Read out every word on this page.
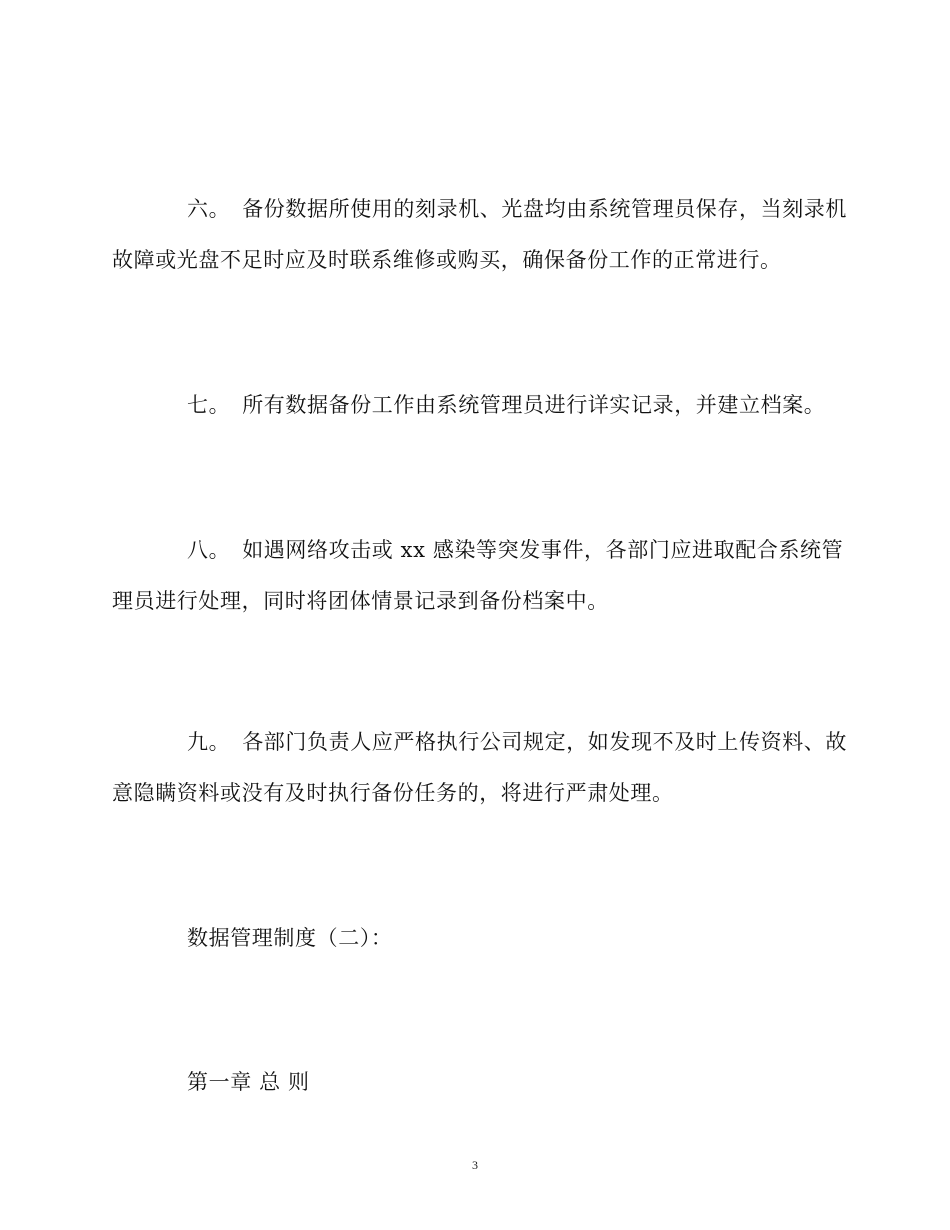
六。 备份数据所使用的刻录机、光盘均由系统管理员保存，当刻录机故障或光盘不足时应及时联系维修或购买，确保备份工作的正常进行。

七。 所有数据备份工作由系统管理员进行详实记录，并建立档案。

八。 如遇网络攻击或 xx 感染等突发事件，各部门应进取配合系统管理员进行处理，同时将团体情景记录到备份档案中。

九。 各部门负责人应严格执行公司规定，如发现不及时上传资料、故意隐瞒资料或没有及时执行备份任务的，将进行严肃处理。

数据管理制度（二）：

第一章 总 则

3
